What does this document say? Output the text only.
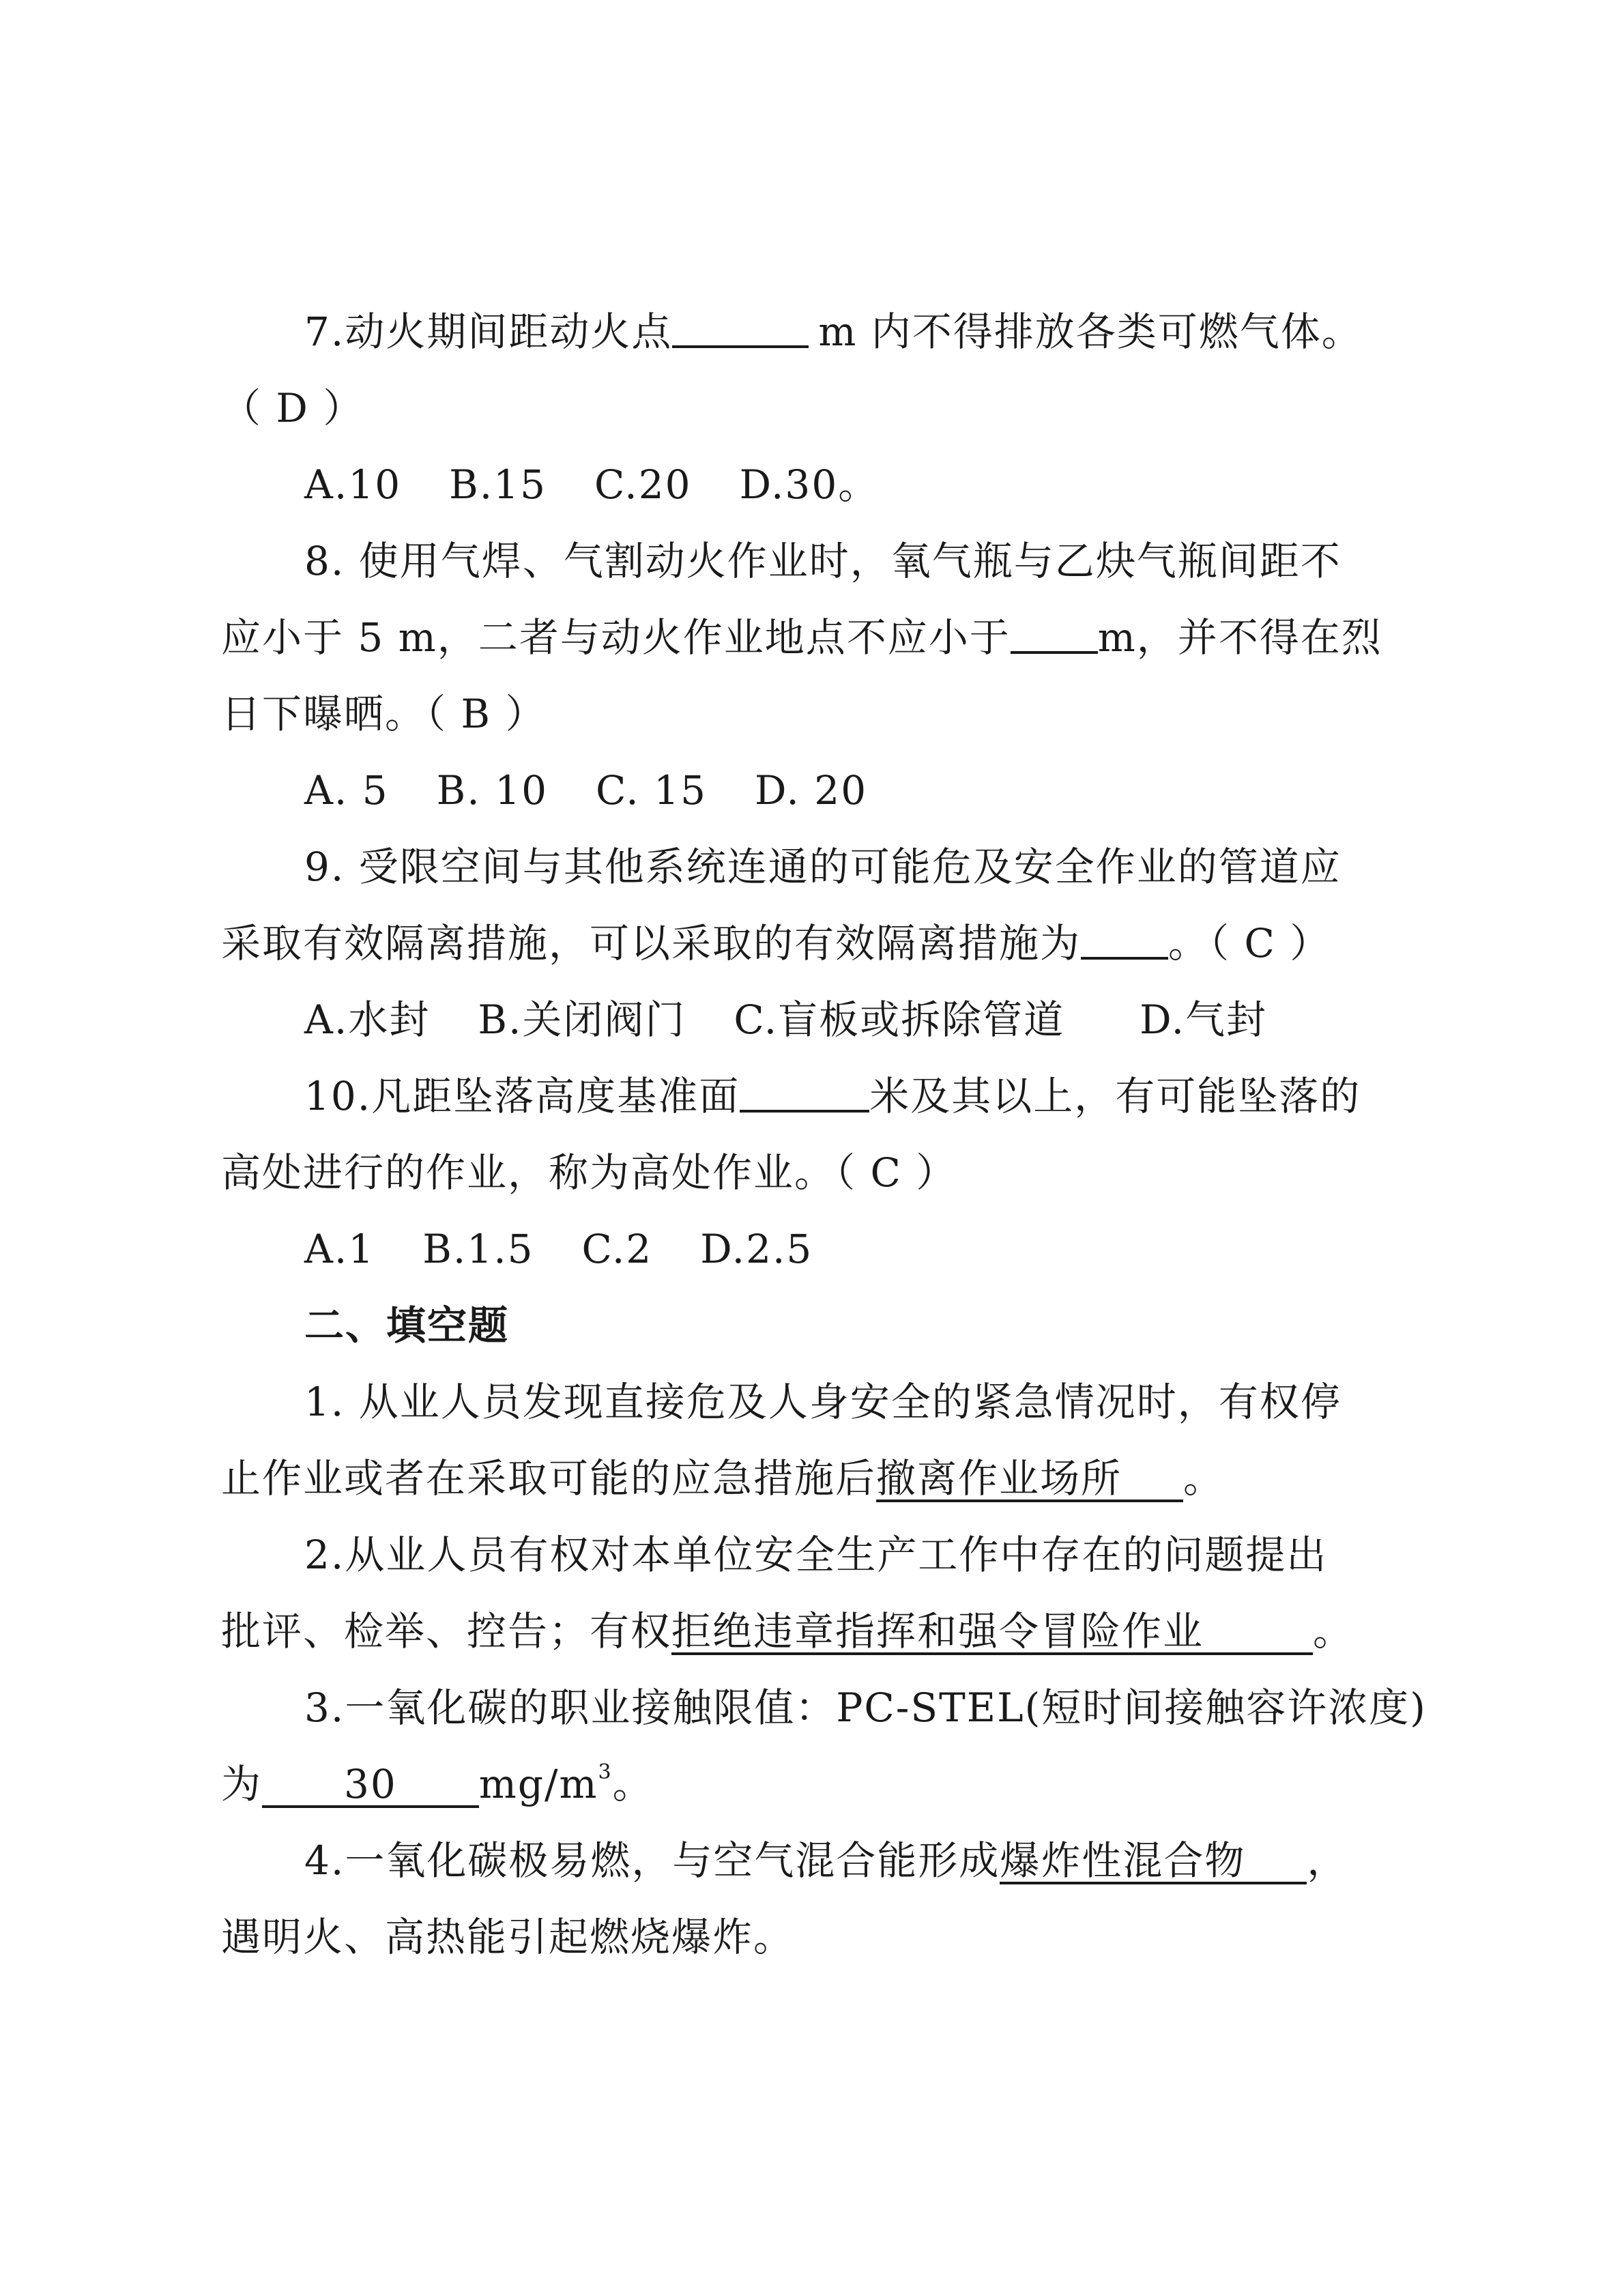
7.动火期间距动火点	m 内不得排放各类可燃气体。
（ D ）
A.10 B.15 C.20 D.30。
8. 使用气焊、气割动火作业时，氧气瓶与乙炔气瓶间距不
应小于 5 m，二者与动火作业地点不应小于 m，并不得在烈
日下曝晒。（ B ）
A. 5 B. 10 C. 15 D. 20
9. 受限空间与其他系统连通的可能危及安全作业的管道应
采取有效隔离措施，可以采取的有效隔离措施为 。（ C ）
A.水封 B.关闭阀门 C.盲板或拆除管道 D.气封
10.凡距坠落高度基准面	米及其以上，有可能坠落的
高处进行的作业，称为高处作业。（ C ）
A.1 B.1.5 C.2 D.2.5
二、填空题
1. 从业人员发现直接危及人身安全的紧急情况时，有权停
止作业或者在采取可能的应急措施后撤离作业场所 。
2.从业人员有权对本单位安全生产工作中存在的问题提出
批评、检举、控告；有权拒绝违章指挥和强令冒险作业	。
3.一氧化碳的职业接触限值：PC-STEL(短时间接触容许浓度)
为 30 $mg/m^3$。
4.一氧化碳极易燃，与空气混合能形成爆炸性混合物 ，
遇明火、高热能引起燃烧爆炸。
